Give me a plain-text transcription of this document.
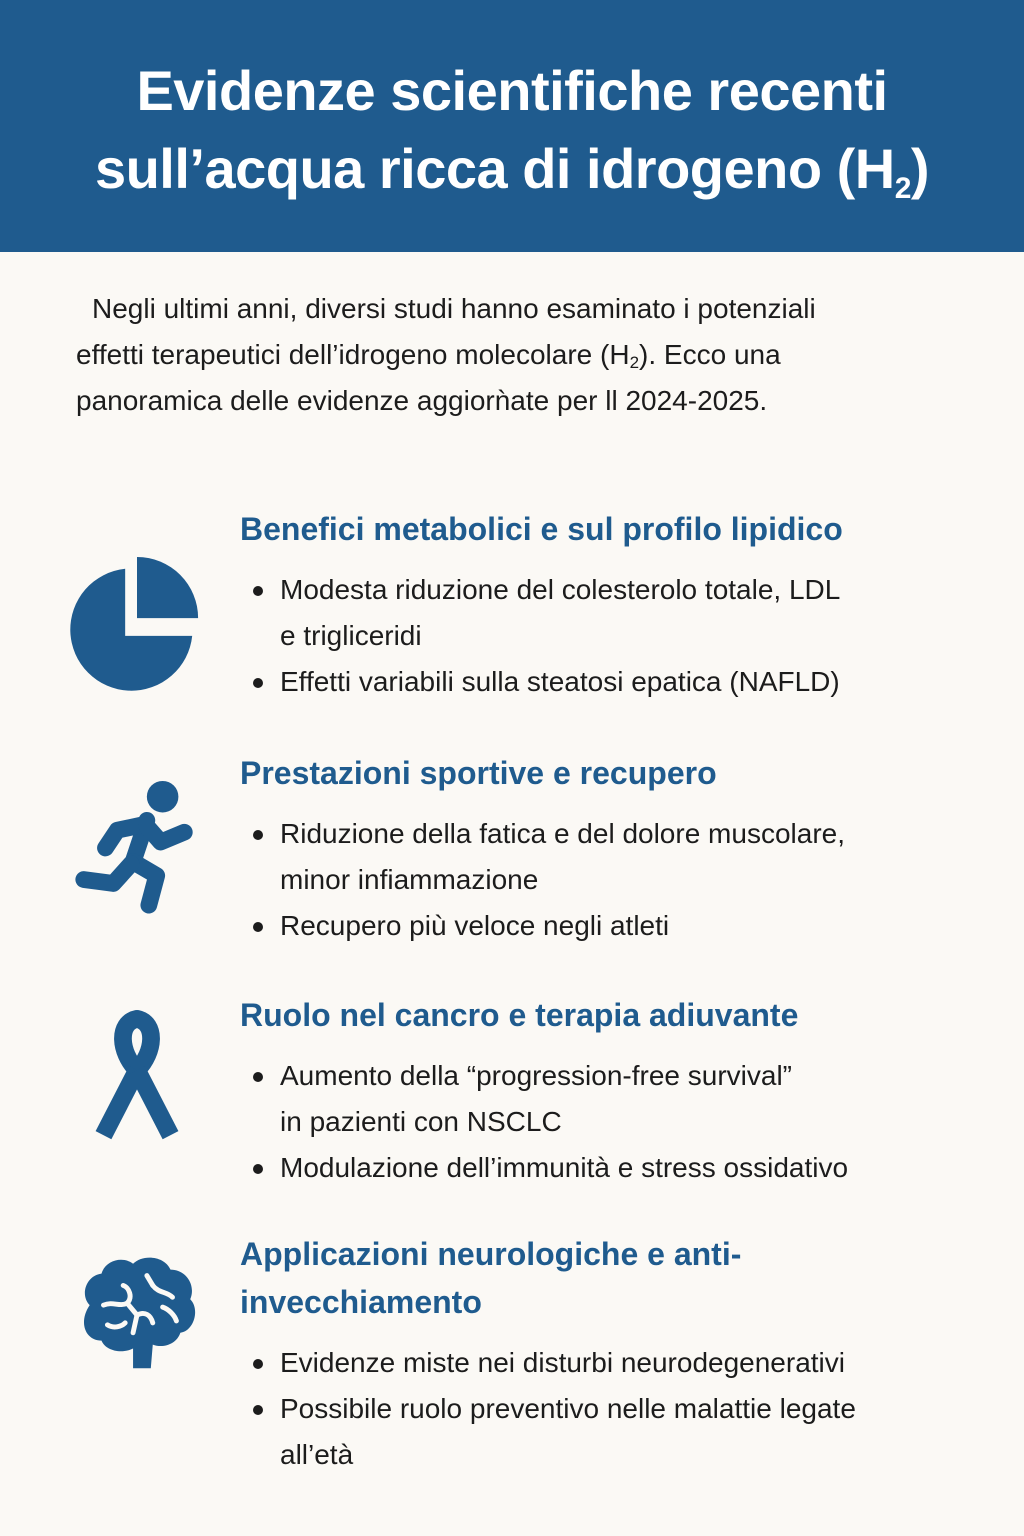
Evidenze scientifiche recenti
sull’acqua ricca di idrogeno $(H_2)$
Negli ultimi anni, diversi studi hanno esaminato i potenziali
effetti terapeutici dell’idrogeno molecolare $(H_2)$. Ecco una
panoramica delle evidenze aggiorǹate per ll 2024-2025.
Benefici metabolici e sul profilo lipidico
Modesta riduzione del colesterolo totale, LDL
e trigliceridi
Effetti variabili sulla steatosi epatica (NAFLD)
Prestazioni sportive e recupero
Riduzione della fatica e del dolore muscolare,
minor infiammazione
Recupero più veloce negli atleti
Ruolo nel cancro e terapia adiuvante
Aumento della “progression-free survival”
in pazienti con NSCLC
Modulazione dell’immunità e stress ossidativo
Applicazioni neurologiche e anti-
invecchiamento
Evidenze miste nei disturbi neurodegenerativi
Possibile ruolo preventivo nelle malattie legate
all’età
